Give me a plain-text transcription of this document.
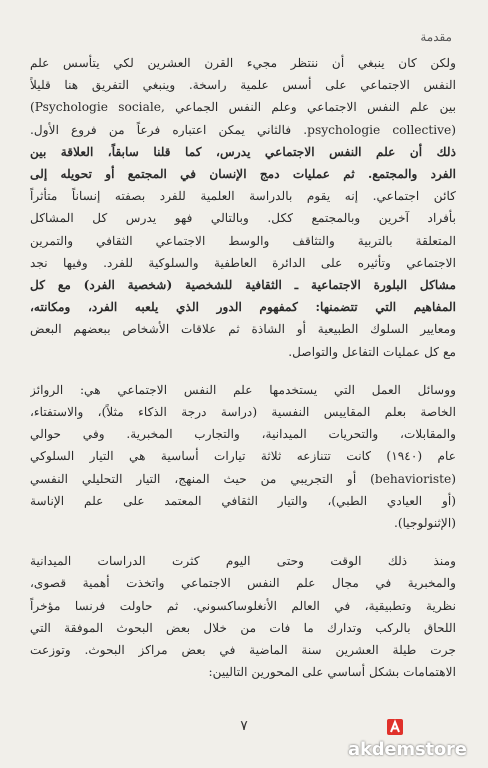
مقدمة
ولكن كان ينبغي أن ننتظر مجيء القرن العشرين لكي يتأسس علم
النفس الاجتماعي على أسس علمية راسخة. وينبغي التفريق هنا قليلاً
بين علم النفس الاجتماعي وعلم النفس الجماعي ,Psychologie sociale)
(psychologie collective. فالثاني يمكن اعتباره فرعاً من فروع الأول.
ذلك أن علم النفس الاجتماعي يدرس، كما قلنا سابقاً، العلاقة بين
الفرد والمجتمع. ثم عمليات دمج الإنسان في المجتمع أو تحويله إلى
كائن اجتماعي. إنه يقوم بالدراسة العلمية للفرد بصفته إنساناً متأثراً
بأفراد آخرين وبالمجتمع ككل. وبالتالي فهو يدرس كل المشاكل
المتعلقة بالتربية والتثاقف والوسط الاجتماعي الثقافي والتمرين
الاجتماعي وتأثيره على الدائرة العاطفية والسلوكية للفرد. وفيها نجد
مشاكل البلورة الاجتماعية ـ الثقافية للشخصية (شخصية الفرد) مع كل
المفاهيم التي تتضمنها: كمفهوم الدور الذي يلعبه الفرد، ومكانته،
ومعايير السلوك الطبيعية أو الشاذة ثم علاقات الأشخاص ببعضهم البعض
مع كل عمليات التفاعل والتواصل.
ووسائل العمل التي يستخدمها علم النفس الاجتماعي هي: الروائز
الخاصة بعلم المقاييس النفسية (دراسة درجة الذكاء مثلاً)، والاستفتاء،
والمقابلات، والتحريات الميدانية، والتجارب المخبرية. وفي حوالي
عام (١٩٤٠) كانت تتنازعه ثلاثة تيارات أساسية هي التيار السلوكي
(behavioriste) أو التجريبي من حيث المنهج، التيار التحليلي النفسي
(أو العيادي الطبي)، والتيار الثقافي المعتمد على علم الإناسة
(الإثنولوجيا).
ومنذ ذلك الوقت وحتى اليوم كثرت الدراسات الميدانية
والمخبرية في مجال علم النفس الاجتماعي واتخذت أهمية قصوى،
نظرية وتطبيقية، في العالم الأنغلوساكسوني. ثم حاولت فرنسا مؤخراً
اللحاق بالركب وتدارك ما فات من خلال بعض البحوث الموفقة التي
جرت طيلة العشرين سنة الماضية في بعض مراكز البحوث. وتوزعت
الاهتمامات بشكل أساسي على المحورين التاليين:
٧
akdemstore
